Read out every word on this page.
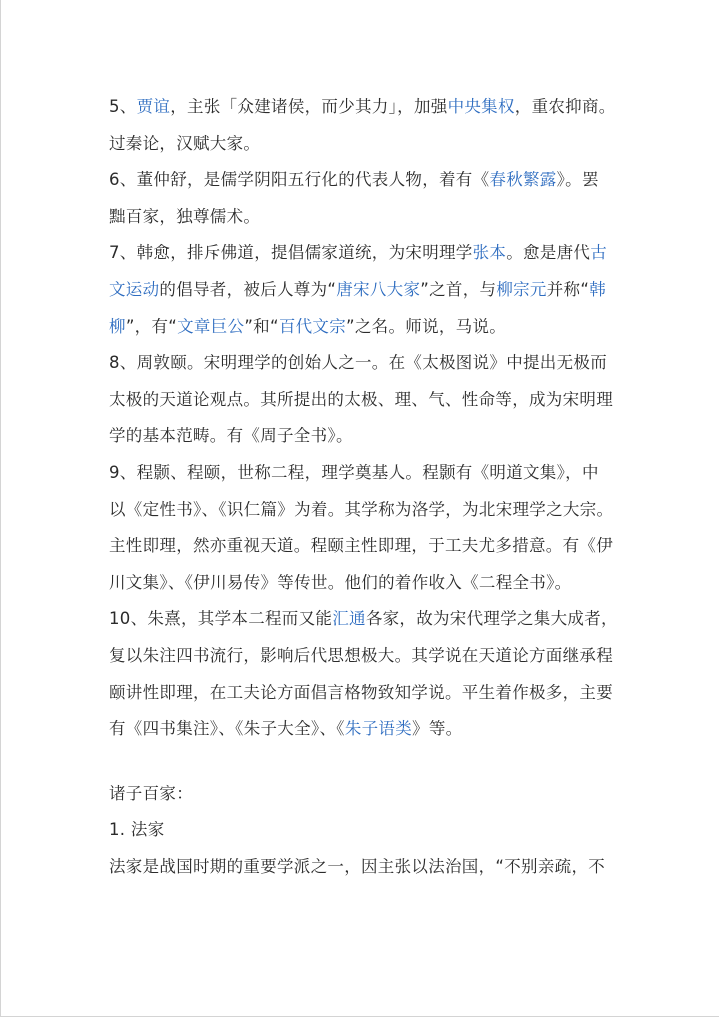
5、贾谊，主张「众建诸侯，而少其力」，加强中央集权，重农抑商。
过秦论，汉赋大家。
6、董仲舒，是儒学阴阳五行化的代表人物，着有《春秋繁露》。罢
黜百家，独尊儒术。
7、韩愈，排斥佛道，提倡儒家道统，为宋明理学张本。愈是唐代古
文运动的倡导者，被后人尊为“唐宋八大家”之首，与柳宗元并称“韩
柳”，有“文章巨公”和“百代文宗”之名。师说，马说。
8、周敦颐。宋明理学的创始人之一。在《太极图说》中提出无极而
太极的天道论观点。其所提出的太极、理、气、性命等，成为宋明理
学的基本范畴。有《周子全书》。
9、程颢、程颐，世称二程，理学奠基人。程颢有《明道文集》，中
以《定性书》、《识仁篇》为着。其学称为洛学，为北宋理学之大宗。
主性即理，然亦重视天道。程颐主性即理，于工夫尤多措意。有《伊
川文集》、《伊川易传》等传世。他们的着作收入《二程全书》。
10、朱熹，其学本二程而又能汇通各家，故为宋代理学之集大成者，
复以朱注四书流行，影响后代思想极大。其学说在天道论方面继承程
颐讲性即理，在工夫论方面倡言格物致知学说。平生着作极多，主要
有《四书集注》、《朱子大全》、《朱子语类》等。
诸子百家：
1. 法家
法家是战国时期的重要学派之一，因主张以法治国，“不别亲疏，不
